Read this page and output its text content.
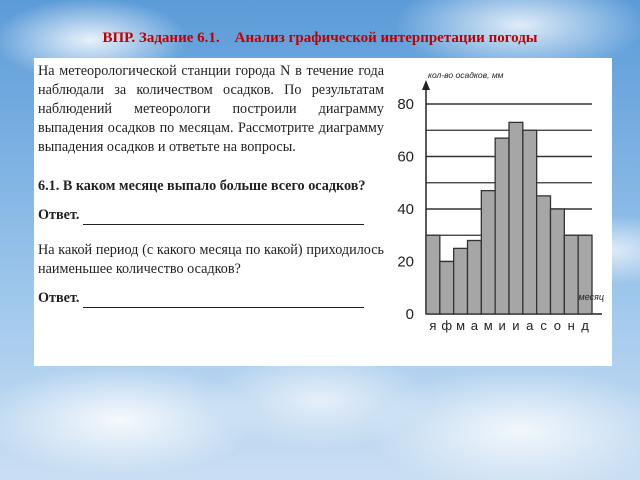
ВПР. Задание 6.1.    Анализ графической интерпретации погоды

На метеорологической станции города N в течение года наблюдали за количеством осадков. По результатам наблюдений метеорологи построили диаграмму выпадения осадков по месяцам. Рассмотрите диаграмму выпадения осадков и ответьте на вопросы.

6.1. В каком месяце выпало больше всего осадков?
Ответ.

На какой период (с какого месяца по какой) приходилось наименьшее количество осадков?

Ответ.
я ф м а м и и а с о н д
0
20
40
60
80
кол-во осадков, мм
месяц
